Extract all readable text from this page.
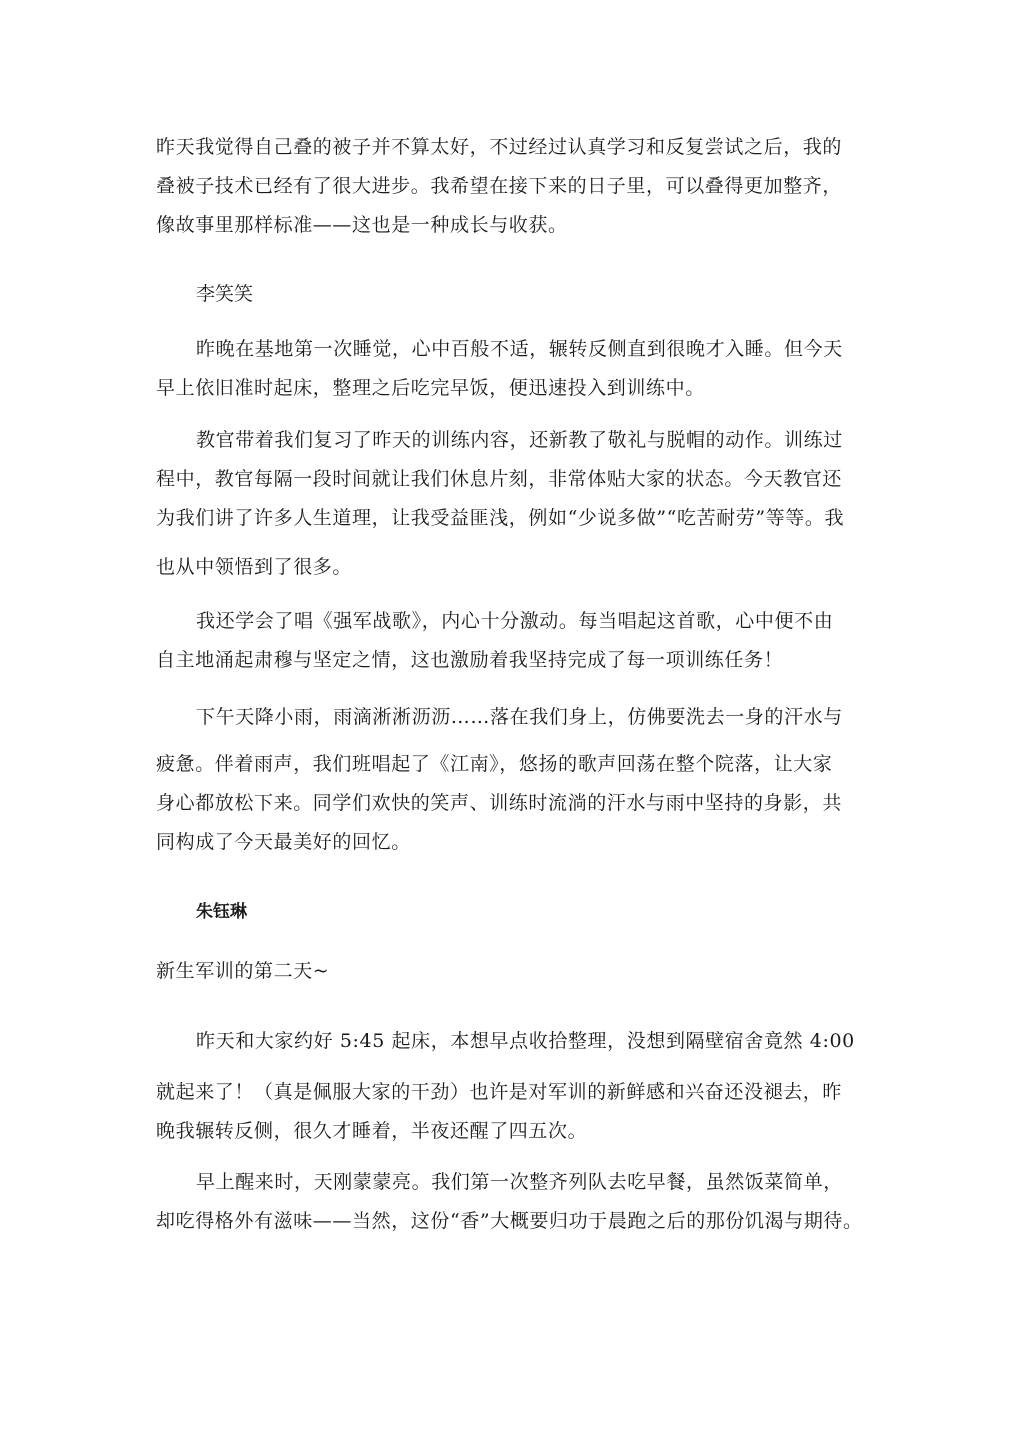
昨天我觉得自己叠的被子并不算太好，不过经过认真学习和反复尝试之后，我的
叠被子技术已经有了很大进步。我希望在接下来的日子里，可以叠得更加整齐，
像故事里那样标准——这也是一种成长与收获。

李笑笑

昨晚在基地第一次睡觉，心中百般不适，辗转反侧直到很晚才入睡。但今天
早上依旧准时起床，整理之后吃完早饭，便迅速投入到训练中。

教官带着我们复习了昨天的训练内容，还新教了敬礼与脱帽的动作。训练过
程中，教官每隔一段时间就让我们休息片刻，非常体贴大家的状态。今天教官还
为我们讲了许多人生道理，让我受益匪浅，例如“少说多做”“吃苦耐劳”等等。我
也从中领悟到了很多。

我还学会了唱《强军战歌》，内心十分激动。每当唱起这首歌，心中便不由
自主地涌起肃穆与坚定之情，这也激励着我坚持完成了每一项训练任务！

下午天降小雨，雨滴淅淅沥沥……落在我们身上，仿佛要洗去一身的汗水与
疲惫。伴着雨声，我们班唱起了《江南》，悠扬的歌声回荡在整个院落，让大家
身心都放松下来。同学们欢快的笑声、训练时流淌的汗水与雨中坚持的身影，共
同构成了今天最美好的回忆。

朱钰琳

新生军训的第二天~

昨天和大家约好 5:45 起床，本想早点收拾整理，没想到隔壁宿舍竟然 4:00
就起来了！（真是佩服大家的干劲）也许是对军训的新鲜感和兴奋还没褪去，昨
晚我辗转反侧，很久才睡着，半夜还醒了四五次。

早上醒来时，天刚蒙蒙亮。我们第一次整齐列队去吃早餐，虽然饭菜简单，
却吃得格外有滋味——当然，这份“香”大概要归功于晨跑之后的那份饥渴与期待。
